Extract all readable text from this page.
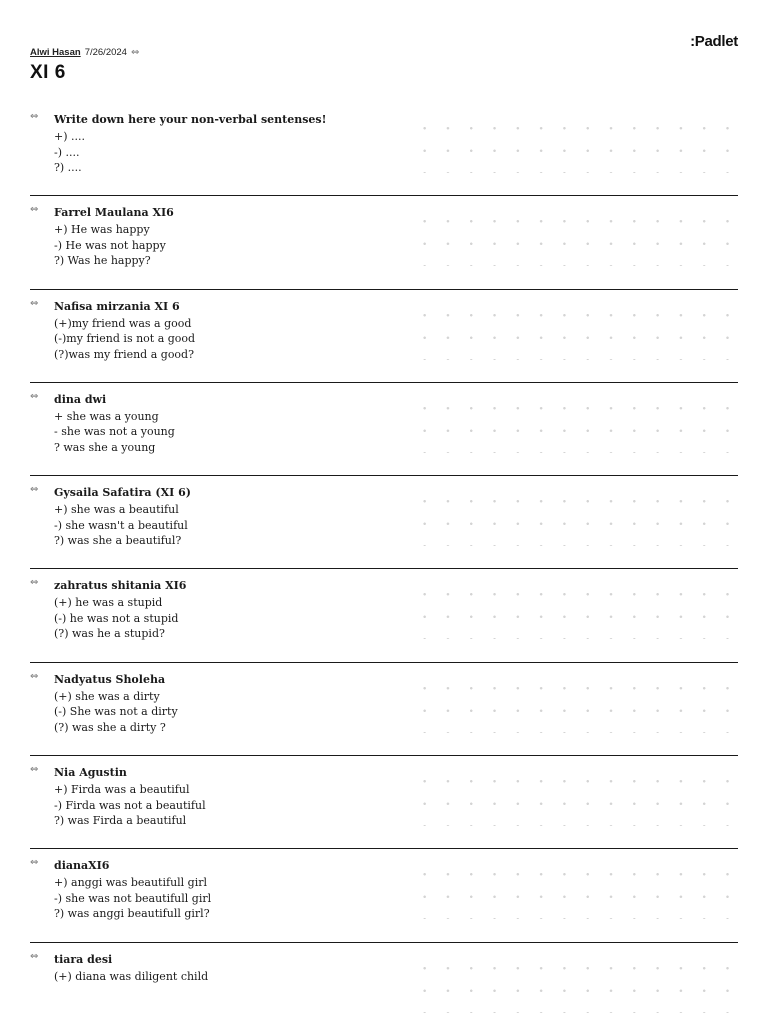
:Padlet
Alwi Hasan 7/26/2024 ⇔
XI 6
⇔ Write down here your non-verbal sentenses!
+) ....
-) ....
?) ....
⇔ Farrel Maulana XI6
+) He was happy
-) He was not happy
?) Was he happy?
⇔ Nafisa mirzania XI 6
(+)my friend was a good
(-)my friend is not a good
(?)was my friend a good?
⇔ dina dwi
+ she was a young
- she was not a young
? was she a young
⇔ Gysaila Safatira (XI 6)
+) she was a beautiful
-) she wasn't a beautiful
?) was she a beautiful?
⇔ zahratus shitania XI6
(+) he was a stupid
(-) he was not a stupid
(?) was he a stupid?
⇔ Nadyatus Sholeha
(+) she was a dirty
(-) She was not a dirty
(?) was she a dirty ?
⇔ Nia Agustin
+) Firda was a beautiful
-) Firda was not a beautiful
?) was Firda a beautiful
⇔ dianaXI6
+) anggi was beautifull girl
-) she was not beautifull girl
?) was anggi beautifull girl?
⇔ tiara desi
(+) diana was diligent child
